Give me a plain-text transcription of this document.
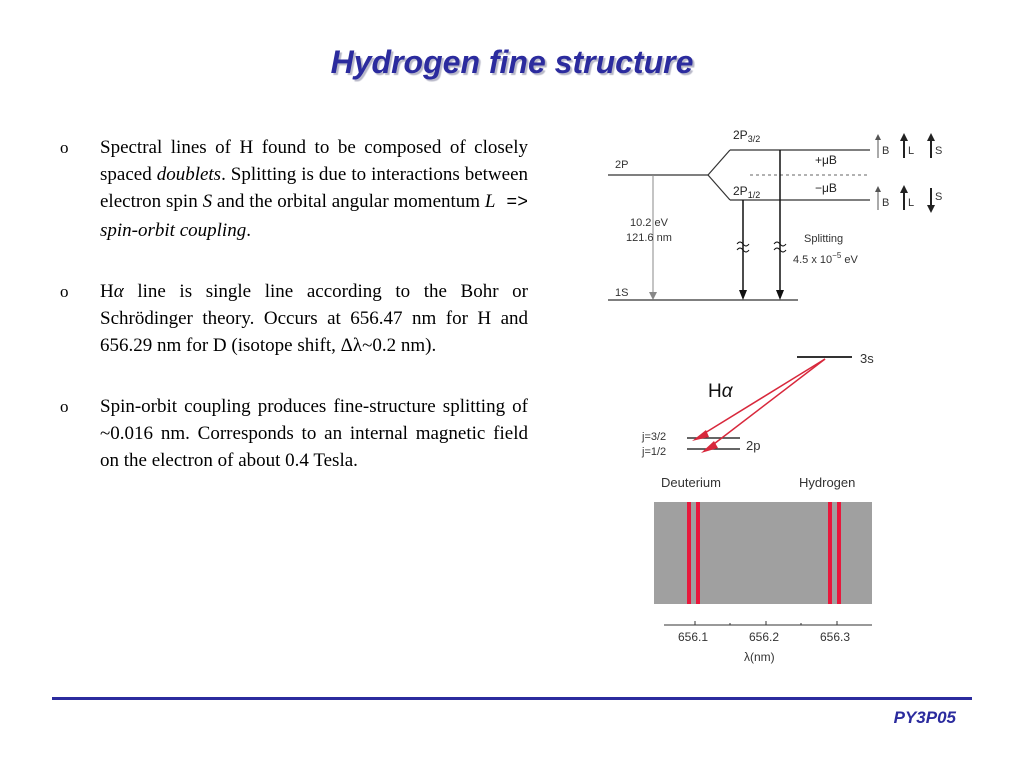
Hydrogen fine structure
o Spectral lines of H found to be composed of closely spaced doublets. Splitting is due to interactions between electron spin S and the orbital angular momentum L => spin-orbit coupling.
o Hα line is single line according to the Bohr or Schrödinger theory. Occurs at 656.47 nm for H and 656.29 nm for D (isotope shift, Δλ~0.2 nm).
o Spin-orbit coupling produces fine-structure splitting of ~0.016 nm. Corresponds to an internal magnetic field on the electron of about 0.4 Tesla.
2P
$2P_{3/2}$
$2P_{1/2}$
+μB
−μB
B L S
B L S
1S
10.2 eV
121.6 nm	Splitting
4.5 x $10^{-5}$ eV
3s
j=3/2
j=1/2	2p
Hα
Deuterium	Hydrogen
656.1	656.2	656.3
λ(nm)
PY3P05
